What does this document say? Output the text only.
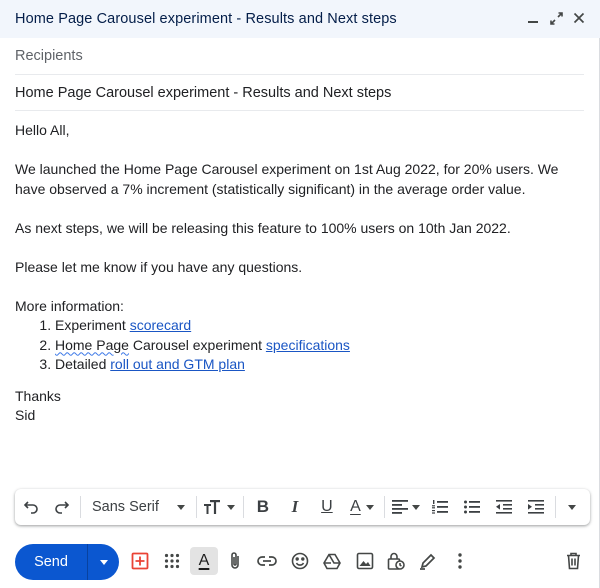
Home Page Carousel experiment - Results and Next steps
Recipients
Home Page Carousel experiment - Results and Next steps

Hello All,

We launched the Home Page Carousel experiment on 1st Aug 2022, for 20% users. We have observed a 7% increment (statistically significant) in the average order value.

As next steps, we will be releasing this feature to 100% users on 10th Jan 2022.

Please let me know if you have any questions.

More information:

1. Experiment scorecard
2. Home Page Carousel experiment specifications
3. Detailed roll out and GTM plan

Thanks

Sid

Sans Serif	B	I	U	A
Send	A
